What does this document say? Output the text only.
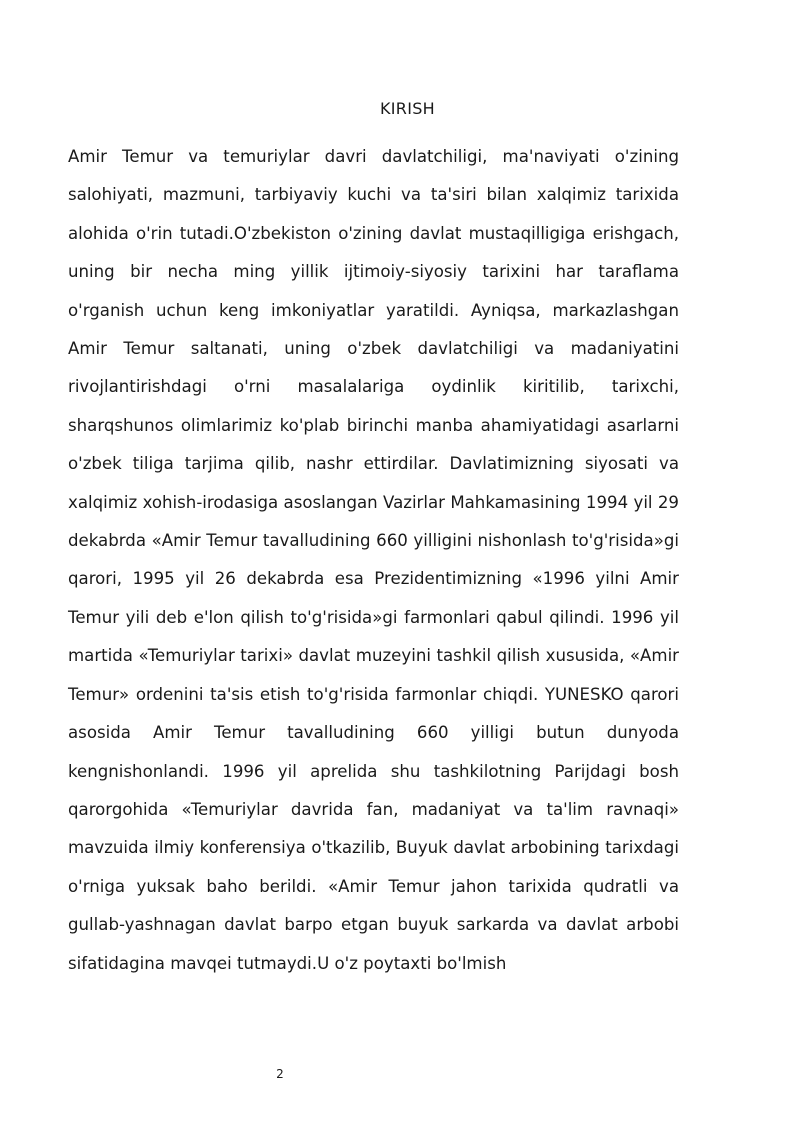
KIRISH

Amir Temur va temuriylar davri davlatchiligi, ma'naviyati o'zining salohiyati, mazmuni, tarbiyaviy kuchi va ta'siri bilan xalqimiz tarixida alohida o'rin tutadi.O'zbekiston o'zining davlat mustaqilligiga erishgach, uning bir necha ming yillik ijtimoiy-siyosiy tarixini har taraflama o'rganish uchun keng imkoniyatlar yaratildi. Ayniqsa, markazlashgan Amir Temur saltanati, uning o'zbek davlatchiligi va madaniyatini rivojlantirishdagi o'rni masalalariga oydinlik kiritilib, tarixchi, sharqshunos olimlarimiz ko'plab birinchi manba ahamiyatidagi asarlarni o'zbek tiliga tarjima qilib, nashr ettirdilar. Davlatimizning siyosati va xalqimiz xohish-irodasiga asoslangan Vazirlar Mahkamasining 1994 yil 29 dekabrda «Amir Temur tavalludining 660 yilligini nishonlash to'g'risida»gi qarori, 1995 yil 26 dekabrda esa Prezidentimizning «1996 yilni Amir Temur yili deb e'lon qilish to'g'risida»gi farmonlari qabul qilindi. 1996 yil martida «Temuriylar tarixi» davlat muzeyini tashkil qilish xususida, «Amir Temur» ordenini ta'sis etish to'g'risida farmonlar chiqdi. YUNESKO qarori asosida Amir Temur tavalludining 660 yilligi butun dunyoda kengnishonlandi. 1996 yil aprelida shu tashkilotning Parijdagi bosh qarorgohida «Temuriylar davrida fan, madaniyat va ta'lim ravnaqi» mavzuida ilmiy konferensiya o'tkazilib, Buyuk davlat arbobining tarixdagi o'rniga yuksak baho berildi. «Amir Temur jahon tarixida qudratli va gullab-yashnagan davlat barpo etgan buyuk sarkarda va davlat arbobi sifatidagina mavqei tutmaydi.U o'z poytaxti bo'lmish

2
